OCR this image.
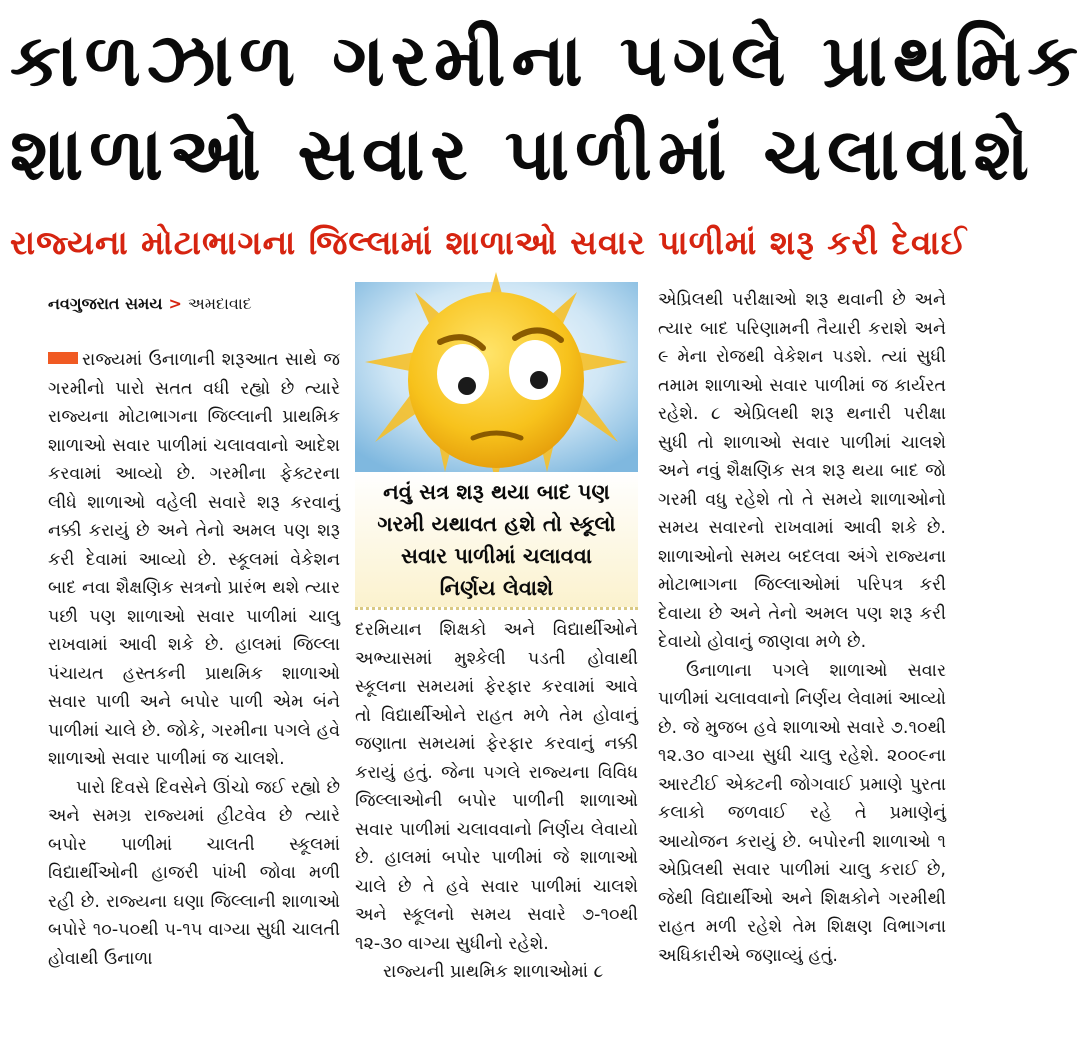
કાળઝાળ ગરમીના પગલે પ્રાથમિક
શાળાઓ સવાર પાળીમાં ચલાવાશે
રાજ્યના મોટાભાગના જિલ્લામાં શાળાઓ સવાર પાળીમાં શરૂ કરી દેવાઈ
નવગુજરાત સમય > અમદાવાદ

રાજ્યમાં ઉનાળાની શરૂઆત સાથે જ ગરમીનો પારો સતત વધી રહ્યો છે ત્યારે રાજ્યના મોટાભાગના જિલ્લાની પ્રાથમિક શાળાઓ સવાર પાળીમાં ચલાવવાનો આદેશ કરવામાં આવ્યો છે. ગરમીના ફેક્ટરના લીધે શાળાઓ વહેલી સવારે શરૂ કરવાનું નક્કી કરાયું છે અને તેનો અમલ પણ શરૂ કરી દેવામાં આવ્યો છે. સ્કૂલમાં વેકેશન બાદ નવા શૈક્ષણિક સત્રનો પ્રારંભ થશે ત્યાર પછી પણ શાળાઓ સવાર પાળીમાં ચાલુ રાખવામાં આવી શકે છે. હાલમાં જિલ્લા પંચાયત હસ્તકની પ્રાથમિક શાળાઓ સવાર પાળી અને બપોર પાળી એમ બંને પાળીમાં ચાલે છે. જોકે, ગરમીના પગલે હવે શાળાઓ સવાર પાળીમાં જ ચાલશે.

પારો દિવસે દિવસેને ઊંચો જઈ રહ્યો છે અને સમગ્ર રાજ્યમાં હીટવેવ છે ત્યારે બપોર પાળીમાં ચાલતી સ્કૂલમાં વિદ્યાર્થીઓની હાજરી પાંખી જોવા મળી રહી છે. રાજ્યના ઘણા જિલ્લાની શાળાઓ બપોરે ૧૦-૫૦થી ૫-૧૫ વાગ્યા સુધી ચાલતી હોવાથી ઉનાળા

નવું સત્ર શરૂ થયા બાદ પણ
ગરમી યથાવત હશે તો સ્કૂલો
સવાર પાળીમાં ચલાવવા
નિર્ણય લેવાશે

દરમિયાન શિક્ષકો અને વિદ્યાર્થીઓને અભ્યાસમાં મુશ્કેલી પડતી હોવાથી સ્કૂલના સમયમાં ફેરફાર કરવામાં આવે તો વિદ્યાર્થીઓને રાહત મળે તેમ હોવાનું જણાતા સમયમાં ફેરફાર કરવાનું નક્કી કરાયું હતું. જેના પગલે રાજ્યના વિવિધ જિલ્લાઓની બપોર પાળીની શાળાઓ સવાર પાળીમાં ચલાવવાનો નિર્ણય લેવાયો છે. હાલમાં બપોર પાળીમાં જે શાળાઓ ચાલે છે તે હવે સવાર પાળીમાં ચાલશે અને સ્કૂલનો સમય સવારે ૭-૧૦થી ૧૨-૩૦ વાગ્યા સુધીનો રહેશે.

રાજ્યની પ્રાથમિક શાળાઓમાં ૮

એપ્રિલથી પરીક્ષાઓ શરૂ થવાની છે અને ત્યાર બાદ પરિણામની તૈયારી કરાશે અને ૯ મેના રોજથી વેકેશન પડશે. ત્યાં સુધી તમામ શાળાઓ સવાર પાળીમાં જ કાર્યરત રહેશે. ૮ એપ્રિલથી શરૂ થનારી પરીક્ષા સુધી તો શાળાઓ સવાર પાળીમાં ચાલશે અને નવું શૈક્ષણિક સત્ર શરૂ થયા બાદ જો ગરમી વધુ રહેશે તો તે સમયે શાળાઓનો સમય સવારનો રાખવામાં આવી શકે છે. શાળાઓનો સમય બદલવા અંગે રાજ્યના મોટાભાગના જિલ્લાઓમાં પરિપત્ર કરી દેવાયા છે અને તેનો અમલ પણ શરૂ કરી દેવાયો હોવાનું જાણવા મળે છે.

ઉનાળાના પગલે શાળાઓ સવાર પાળીમાં ચલાવવાનો નિર્ણય લેવામાં આવ્યો છે. જે મુજબ હવે શાળાઓ સવારે ૭.૧૦થી ૧૨.૩૦ વાગ્યા સુધી ચાલુ રહેશે. ૨૦૦૯ના આરટીઈ એક્ટની જોગવાઈ પ્રમાણે પુરતા કલાકો જળવાઈ રહે તે પ્રમાણેનું આયોજન કરાયું છે. બપોરની શાળાઓ ૧ એપ્રિલથી સવાર પાળીમાં ચાલુ કરાઈ છે, જેથી વિદ્યાર્થીઓ અને શિક્ષકોને ગરમીથી રાહત મળી રહેશે તેમ શિક્ષણ વિભાગના અધિકારીએ જણાવ્યું હતું.
